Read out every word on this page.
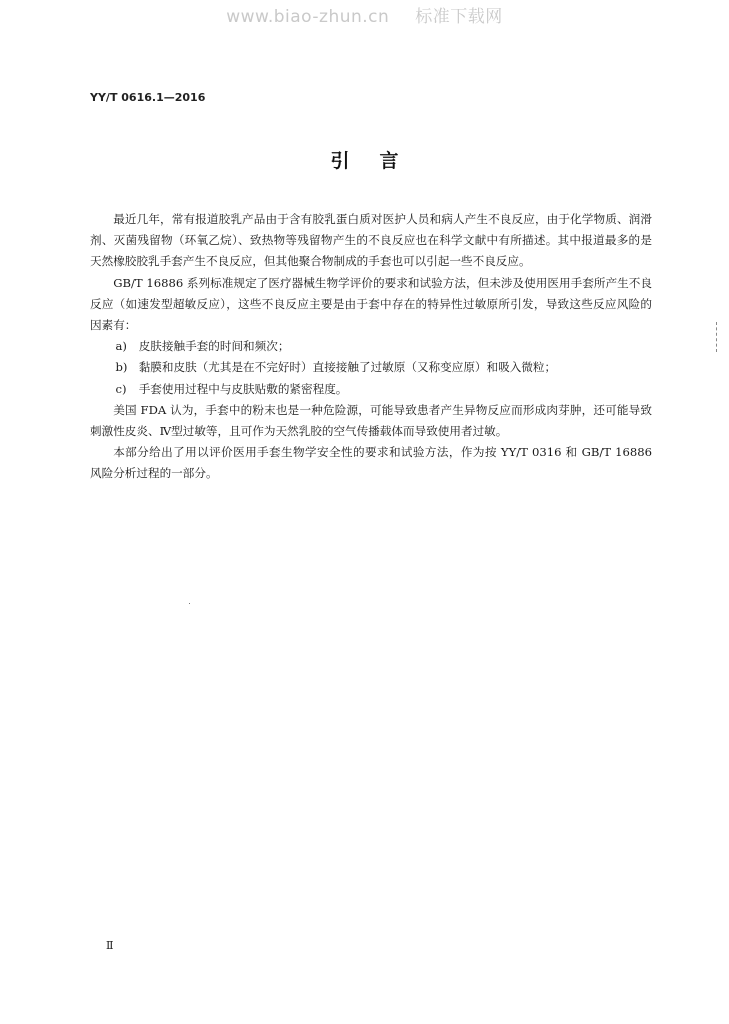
www.biao-zhun.cn 标准下载网
YY/T 0616.1—2016
引言

最近几年，常有报道胶乳产品由于含有胶乳蛋白质对医护人员和病人产生不良反应，由于化学物质、润滑剂、灭菌残留物（环氧乙烷）、致热物等残留物产生的不良反应也在科学文献中有所描述。其中报道最多的是天然橡胶胶乳手套产生不良反应，但其他聚合物制成的手套也可以引起一些不良反应。

GB/T 16886 系列标准规定了医疗器械生物学评价的要求和试验方法，但未涉及使用医用手套所产生不良反应（如速发型超敏反应），这些不良反应主要是由于套中存在的特异性过敏原所引发，导致这些反应风险的因素有：

a) 皮肤接触手套的时间和频次；

b) 黏膜和皮肤（尤其是在不完好时）直接接触了过敏原（又称变应原）和吸入微粒；

c) 手套使用过程中与皮肤贴敷的紧密程度。

美国 FDA 认为，手套中的粉末也是一种危险源，可能导致患者产生异物反应而形成肉芽肿，还可能导致刺激性皮炎、Ⅳ型过敏等，且可作为天然乳胶的空气传播载体而导致使用者过敏。

本部分给出了用以评价医用手套生物学安全性的要求和试验方法，作为按 YY/T 0316 和 GB/T 16886 风险分析过程的一部分。

Ⅱ
